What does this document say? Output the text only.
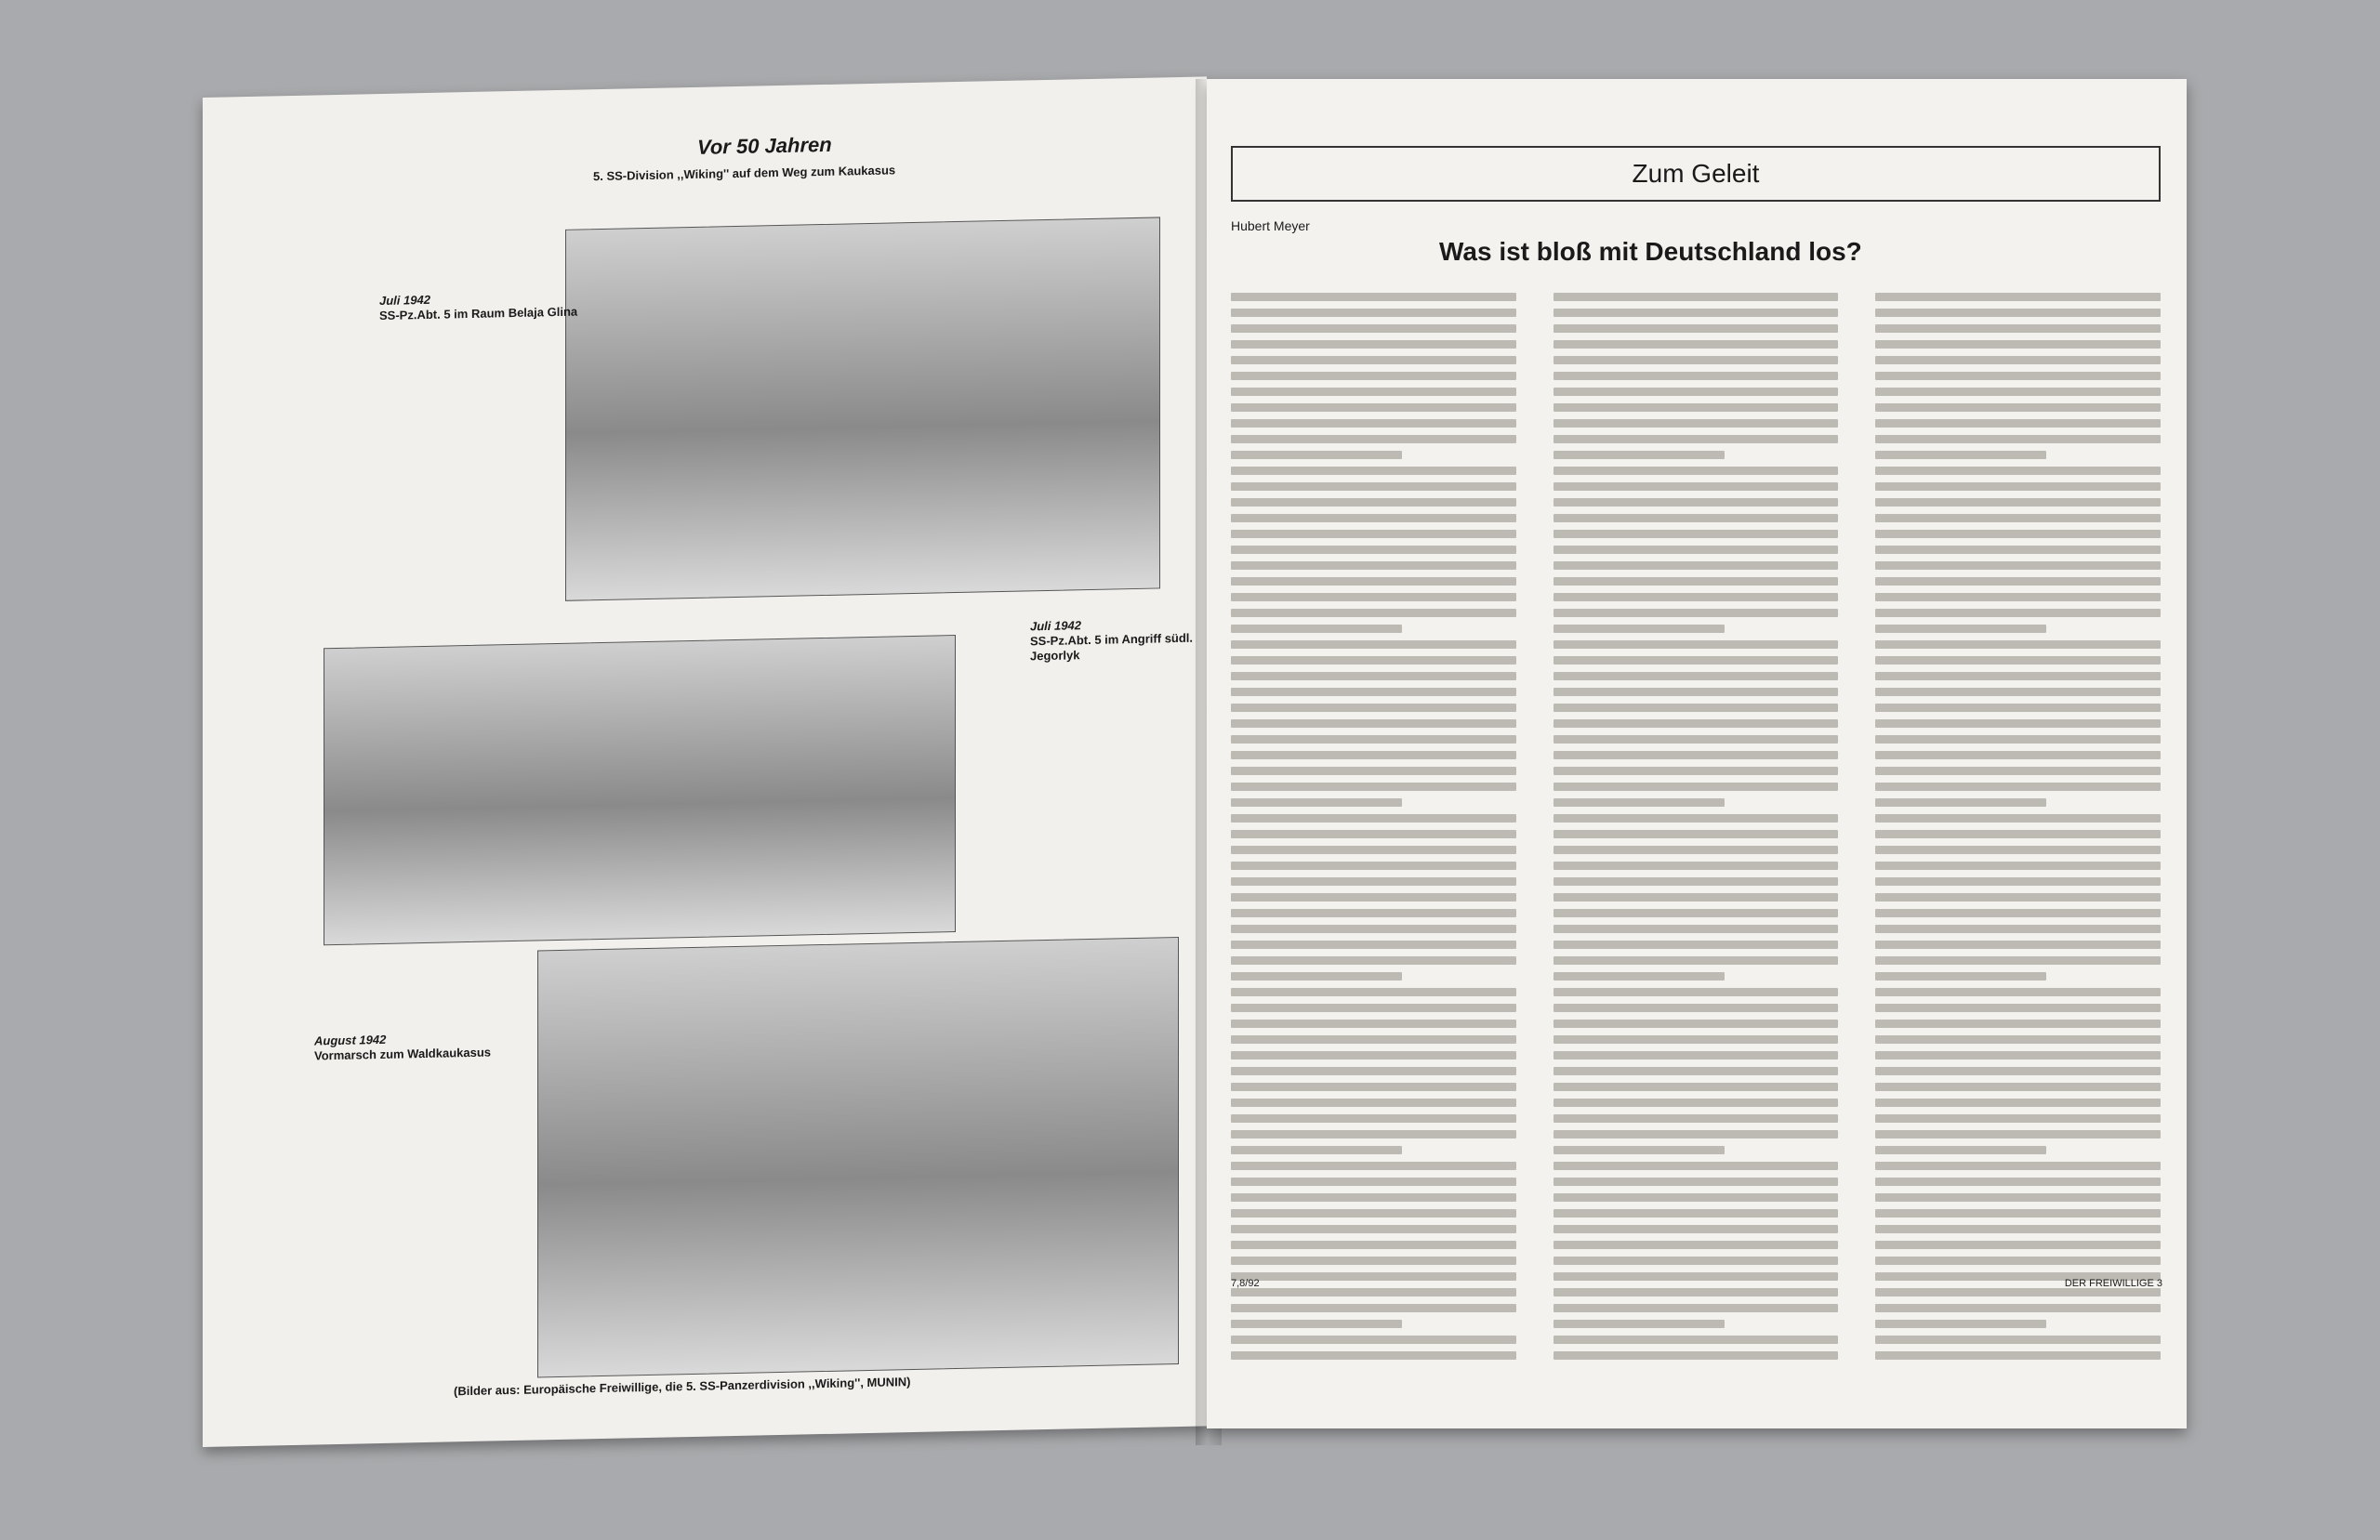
Vor 50 Jahren
5. SS-Division ,,Wiking'' auf dem Weg zum Kaukasus
Juli 1942
SS-Pz.Abt. 5 im Raum Belaja Glina
Juli 1942
SS-Pz.Abt. 5 im Angriff südl. Jegorlyk
August 1942
Vormarsch zum Waldkaukasus
(Bilder aus: Europäische Freiwillige, die 5. SS-Panzerdivision ,,Wiking'', MUNIN)
Zum Geleit
Hubert Meyer
Was ist bloß mit Deutschland los?
7,8/92	DER FREIWILLIGE 3
